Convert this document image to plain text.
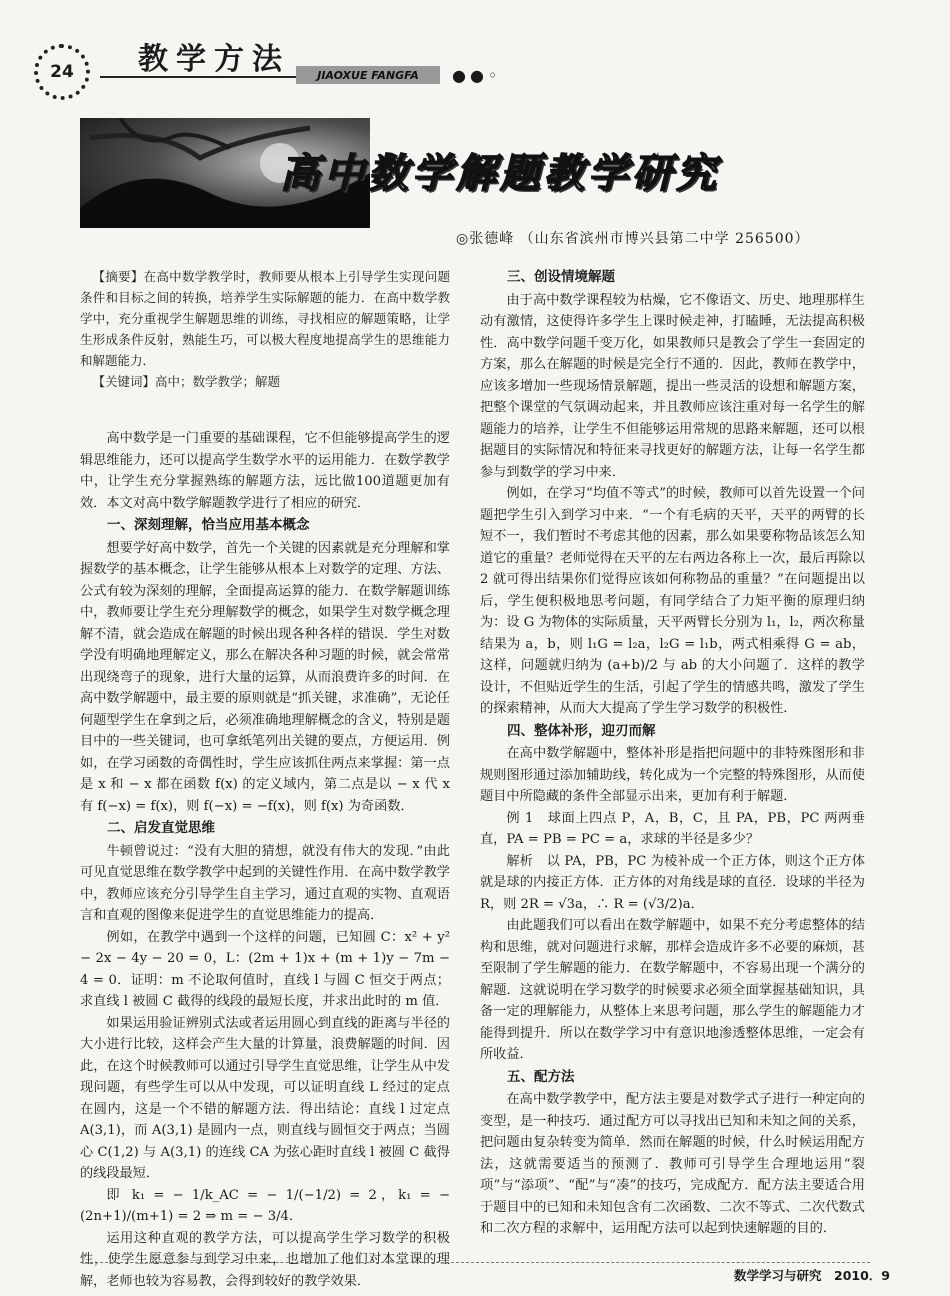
24	教学方法	JIAOXUE FANGFA	●●◦
高中数学解题教学研究
◎张德峰 （山东省滨州市博兴县第二中学 256500）

【摘要】在高中数学教学时，教师要从根本上引导学生实现问题条件和目标之间的转换，培养学生实际解题的能力．在高中数学教学中，充分重视学生解题思维的训练，寻找相应的解题策略，让学生形成条件反射，熟能生巧，可以极大程度地提高学生的思维能力和解题能力．

【关键词】高中；数学教学；解题

高中数学是一门重要的基础课程，它不但能够提高学生的逻辑思维能力，还可以提高学生数学水平的运用能力．在数学教学中，让学生充分掌握熟练的解题方法，远比做100道题更加有效．本文对高中数学解题教学进行了相应的研究．

一、深刻理解，恰当应用基本概念

想要学好高中数学，首先一个关键的因素就是充分理解和掌握数学的基本概念，让学生能够从根本上对数学的定理、方法、公式有较为深刻的理解，全面提高运算的能力．在数学解题训练中，教师要让学生充分理解数学的概念，如果学生对数学概念理解不清，就会造成在解题的时候出现各种各样的错误．学生对数学没有明确地理解定义，那么在解决各种习题的时候，就会常常出现绕弯子的现象，进行大量的运算，从而浪费许多的时间．在高中数学解题中，最主要的原则就是“抓关键，求准确”，无论任何题型学生在拿到之后，必须准确地理解概念的含义，特别是题目中的一些关键词，也可拿纸笔列出关键的要点，方便运用．例如，在学习函数的奇偶性时，学生应该抓住两点来掌握：第一点是 x 和 − x 都在函数 f(x) 的定义域内，第二点是以 − x 代 x 有 f(−x) = f(x)，则 f(−x) = −f(x)，则 f(x) 为奇函数．

二、启发直觉思维

牛顿曾说过：“没有大胆的猜想，就没有伟大的发现．”由此可见直觉思维在数学教学中起到的关键性作用．在高中数学教学中，教师应该充分引导学生自主学习，通过直观的实物、直观语言和直观的图像来促进学生的直觉思维能力的提高．

例如，在教学中遇到一个这样的问题，已知圆 C：x² + y² − 2x − 4y − 20 = 0，L：(2m + 1)x + (m + 1)y − 7m − 4 = 0．证明：m 不论取何值时，直线 l 与圆 C 恒交于两点；求直线 l 被圆 C 截得的线段的最短长度，并求出此时的 m 值．

如果运用验证辨别式法或者运用圆心到直线的距离与半径的大小进行比较，这样会产生大量的计算量，浪费解题的时间．因此，在这个时候教师可以通过引导学生直觉思维，让学生从中发现问题，有些学生可以从中发现，可以证明直线 L 经过的定点在圆内，这是一个不错的解题方法．得出结论：直线 l 过定点 A(3,1)，而 A(3,1) 是圆内一点，则直线与圆恒交于两点；当圆心 C(1,2) 与 A(3,1) 的连线 CA 为弦心距时直线 l 被圆 C 截得的线段最短．

即 k₁ = − 1/k_AC = − 1/(−1/2) = 2，k₁ = − (2n+1)/(m+1) = 2 ⇒ m = − 3/4．

运用这种直观的教学方法，可以提高学生学习数学的积极性，使学生愿意参与到学习中来，也增加了他们对本堂课的理解，老师也较为容易教，会得到较好的教学效果．

三、创设情境解题

由于高中数学课程较为枯燥，它不像语文、历史、地理那样生动有激情，这使得许多学生上课时候走神，打瞌睡，无法提高积极性．高中数学问题千变万化，如果教师只是教会了学生一套固定的方案，那么在解题的时候是完全行不通的．因此，教师在教学中，应该多增加一些现场情景解题，提出一些灵活的设想和解题方案，把整个课堂的气氛调动起来，并且教师应该注重对每一名学生的解题能力的培养，让学生不但能够运用常规的思路来解题，还可以根据题目的实际情况和特征来寻找更好的解题方法，让每一名学生都参与到数学的学习中来．

例如，在学习“均值不等式”的时候，教师可以首先设置一个问题把学生引入到学习中来．“一个有毛病的天平，天平的两臂的长短不一，我们暂时不考虑其他的因素，那么如果要称物品该怎么知道它的重量？老师觉得在天平的左右两边各称上一次，最后再除以 2 就可得出结果你们觉得应该如何称物品的重量？”在问题提出以后，学生便积极地思考问题，有同学结合了力矩平衡的原理归纳为：设 G 为物体的实际质量，天平两臂长分别为 l₁，l₂，两次称量结果为 a，b，则 l₁G = l₂a，l₂G = l₁b，两式相乘得 G = ab，这样，问题就归纳为 (a+b)/2 与 ab 的大小问题了．这样的教学设计，不但贴近学生的生活，引起了学生的情感共鸣，激发了学生的探索精神，从而大大提高了学生学习数学的积极性．

四、整体补形，迎刃而解

在高中数学解题中，整体补形是指把问题中的非特殊图形和非规则图形通过添加辅助线，转化成为一个完整的特殊图形，从而使题目中所隐藏的条件全部显示出来，更加有利于解题．

例 1　球面上四点 P，A，B，C，且 PA，PB，PC 两两垂直，PA = PB = PC = a，求球的半径是多少？

解析　以 PA，PB，PC 为棱补成一个正方体，则这个正方体就是球的内接正方体．正方体的对角线是球的直径．设球的半径为 R，则 2R = √3a，∴ R = (√3/2)a．

由此题我们可以看出在数学解题中，如果不充分考虑整体的结构和思维，就对问题进行求解，那样会造成许多不必要的麻烦，甚至限制了学生解题的能力．在数学解题中，不容易出现一个满分的解题．这就说明在学习数学的时候要求必须全面掌握基础知识，具备一定的理解能力，从整体上来思考问题，那么学生的解题能力才能得到提升．所以在数学学习中有意识地渗透整体思维，一定会有所收益．

五、配方法

在高中数学教学中，配方法主要是对数学式子进行一种定向的变型，是一种技巧．通过配方可以寻找出已知和未知之间的关系，把问题由复杂转变为简单．然而在解题的时候，什么时候运用配方法，这就需要适当的预测了．教师可引导学生合理地运用“裂项”与“添项”、“配”与“凑”的技巧，完成配方．配方法主要适合用于题目中的已知和未知包含有二次函数、二次不等式、二次代数式和二次方程的求解中，运用配方法可以起到快速解题的目的．

数学学习与研究　2010．9
